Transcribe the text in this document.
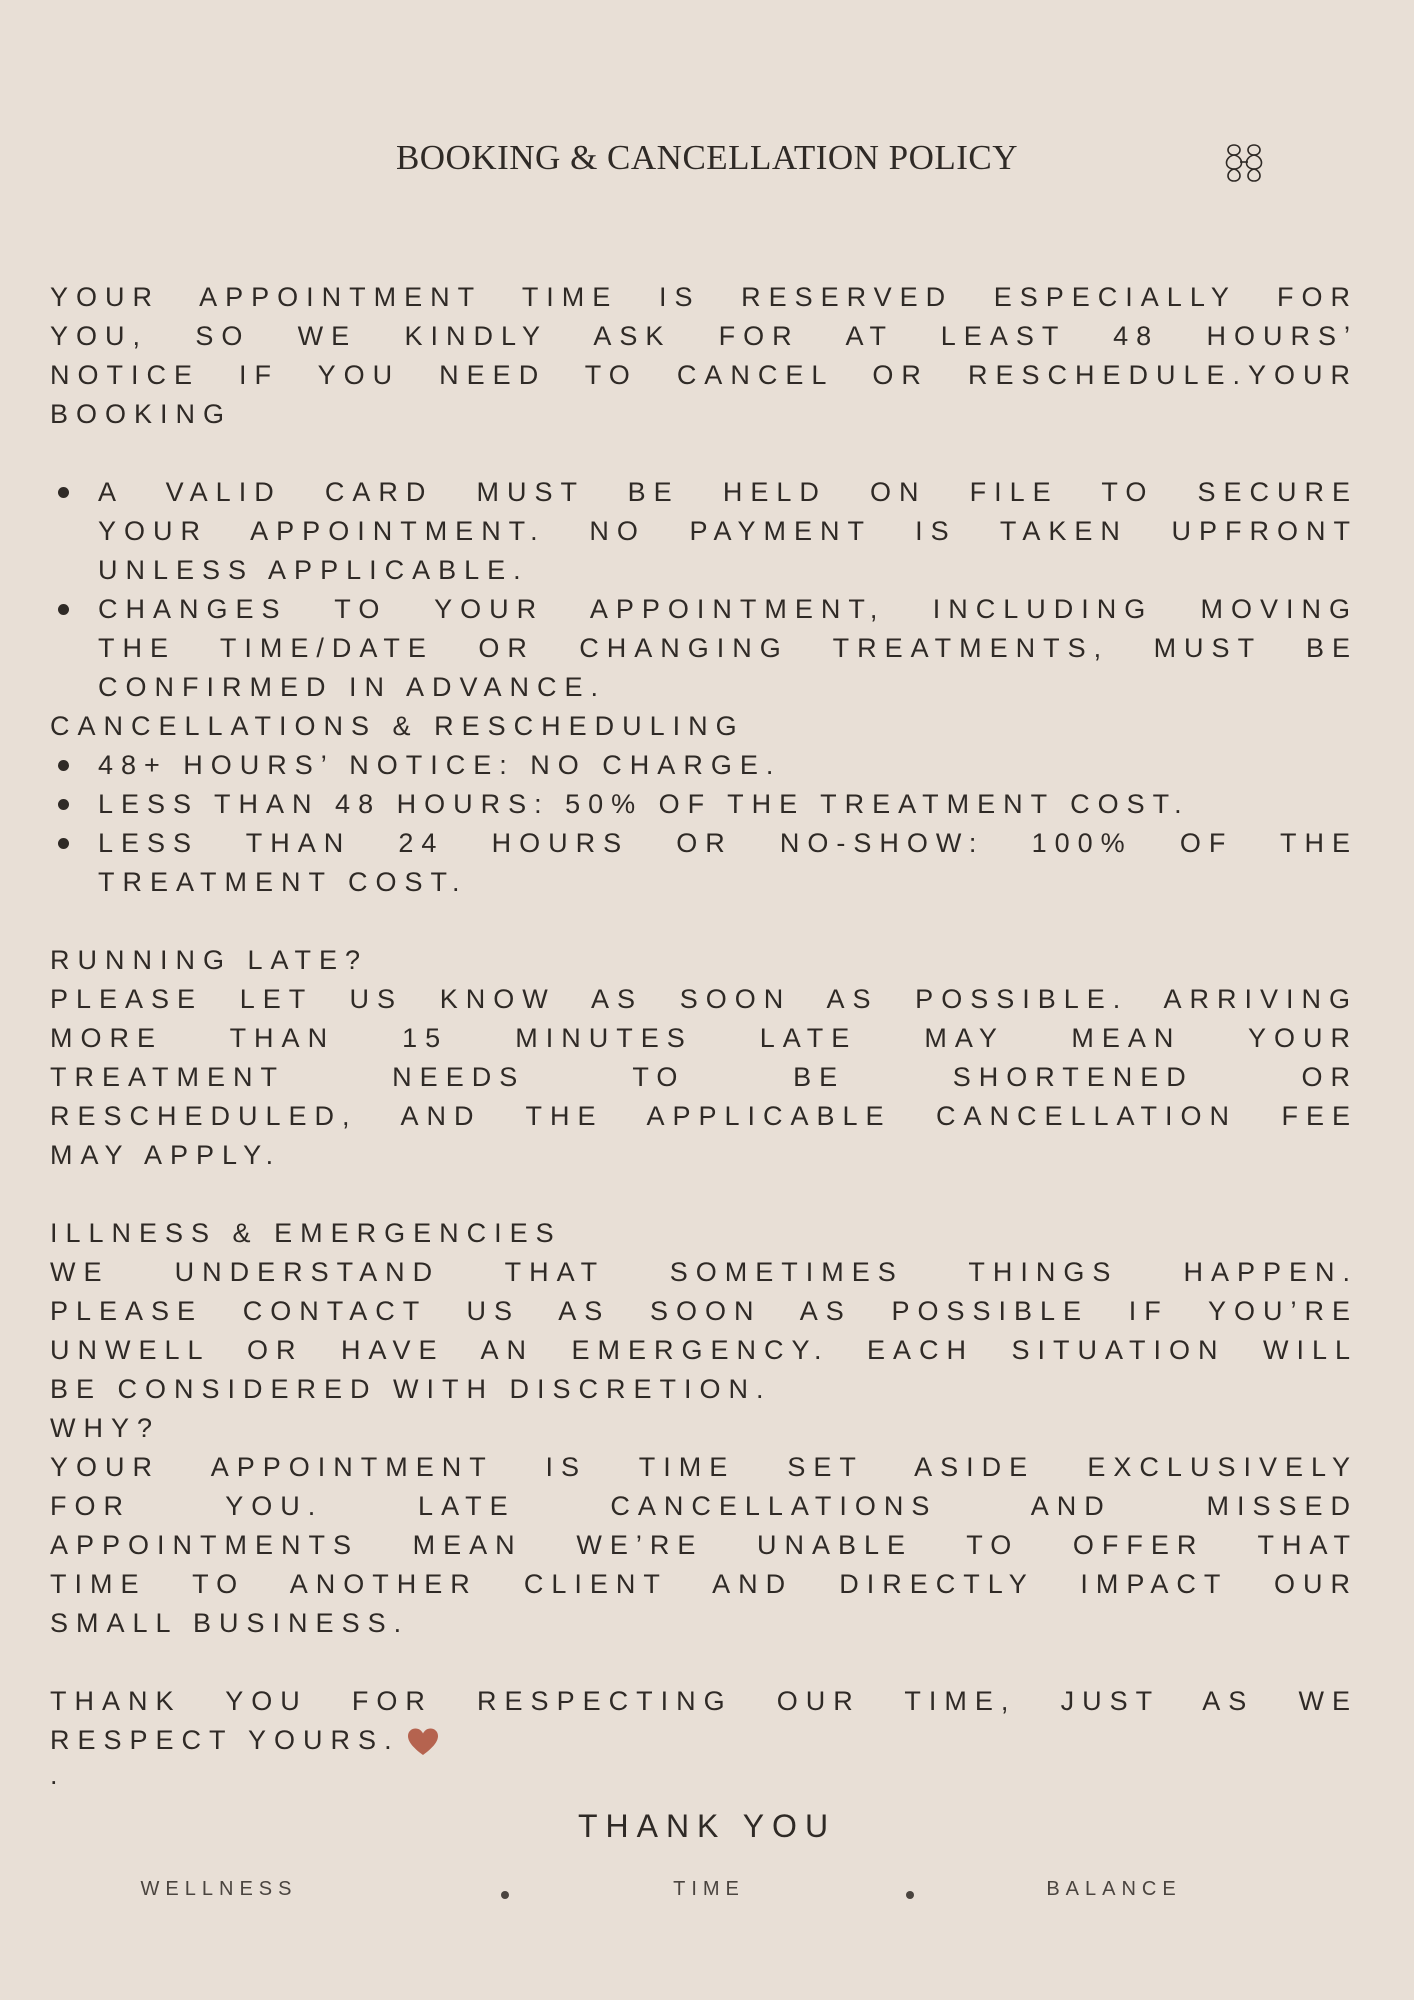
BOOKING & CANCELLATION POLICY
YOUR APPOINTMENT TIME IS RESERVED ESPECIALLY FOR
YOU, SO WE KINDLY ASK FOR AT LEAST 48 HOURS’
NOTICE IF YOU NEED TO CANCEL OR RESCHEDULE.YOUR
BOOKING
A VALID CARD MUST BE HELD ON FILE TO SECURE
YOUR APPOINTMENT. NO PAYMENT IS TAKEN UPFRONT
UNLESS APPLICABLE.
CHANGES TO YOUR APPOINTMENT, INCLUDING MOVING
THE TIME/DATE OR CHANGING TREATMENTS, MUST BE
CONFIRMED IN ADVANCE.
CANCELLATIONS & RESCHEDULING
48+ HOURS’ NOTICE: NO CHARGE.
LESS THAN 48 HOURS: 50% OF THE TREATMENT COST.
LESS THAN 24 HOURS OR NO-SHOW: 100% OF THE
TREATMENT COST.
RUNNING LATE?
PLEASE LET US KNOW AS SOON AS POSSIBLE. ARRIVING
MORE THAN 15 MINUTES LATE MAY MEAN YOUR
TREATMENT NEEDS TO BE SHORTENED OR
RESCHEDULED, AND THE APPLICABLE CANCELLATION FEE
MAY APPLY.
ILLNESS & EMERGENCIES
WE UNDERSTAND THAT SOMETIMES THINGS HAPPEN.
PLEASE CONTACT US AS SOON AS POSSIBLE IF YOU’RE
UNWELL OR HAVE AN EMERGENCY. EACH SITUATION WILL
BE CONSIDERED WITH DISCRETION.
WHY?
YOUR APPOINTMENT IS TIME SET ASIDE EXCLUSIVELY
FOR YOU. LATE CANCELLATIONS AND MISSED
APPOINTMENTS MEAN WE’RE UNABLE TO OFFER THAT
TIME TO ANOTHER CLIENT AND DIRECTLY IMPACT OUR
SMALL BUSINESS.
THANK YOU FOR RESPECTING OUR TIME, JUST AS WE
RESPECT YOURS.
.
THANK YOU
WELLNESS	TIME	BALANCE
